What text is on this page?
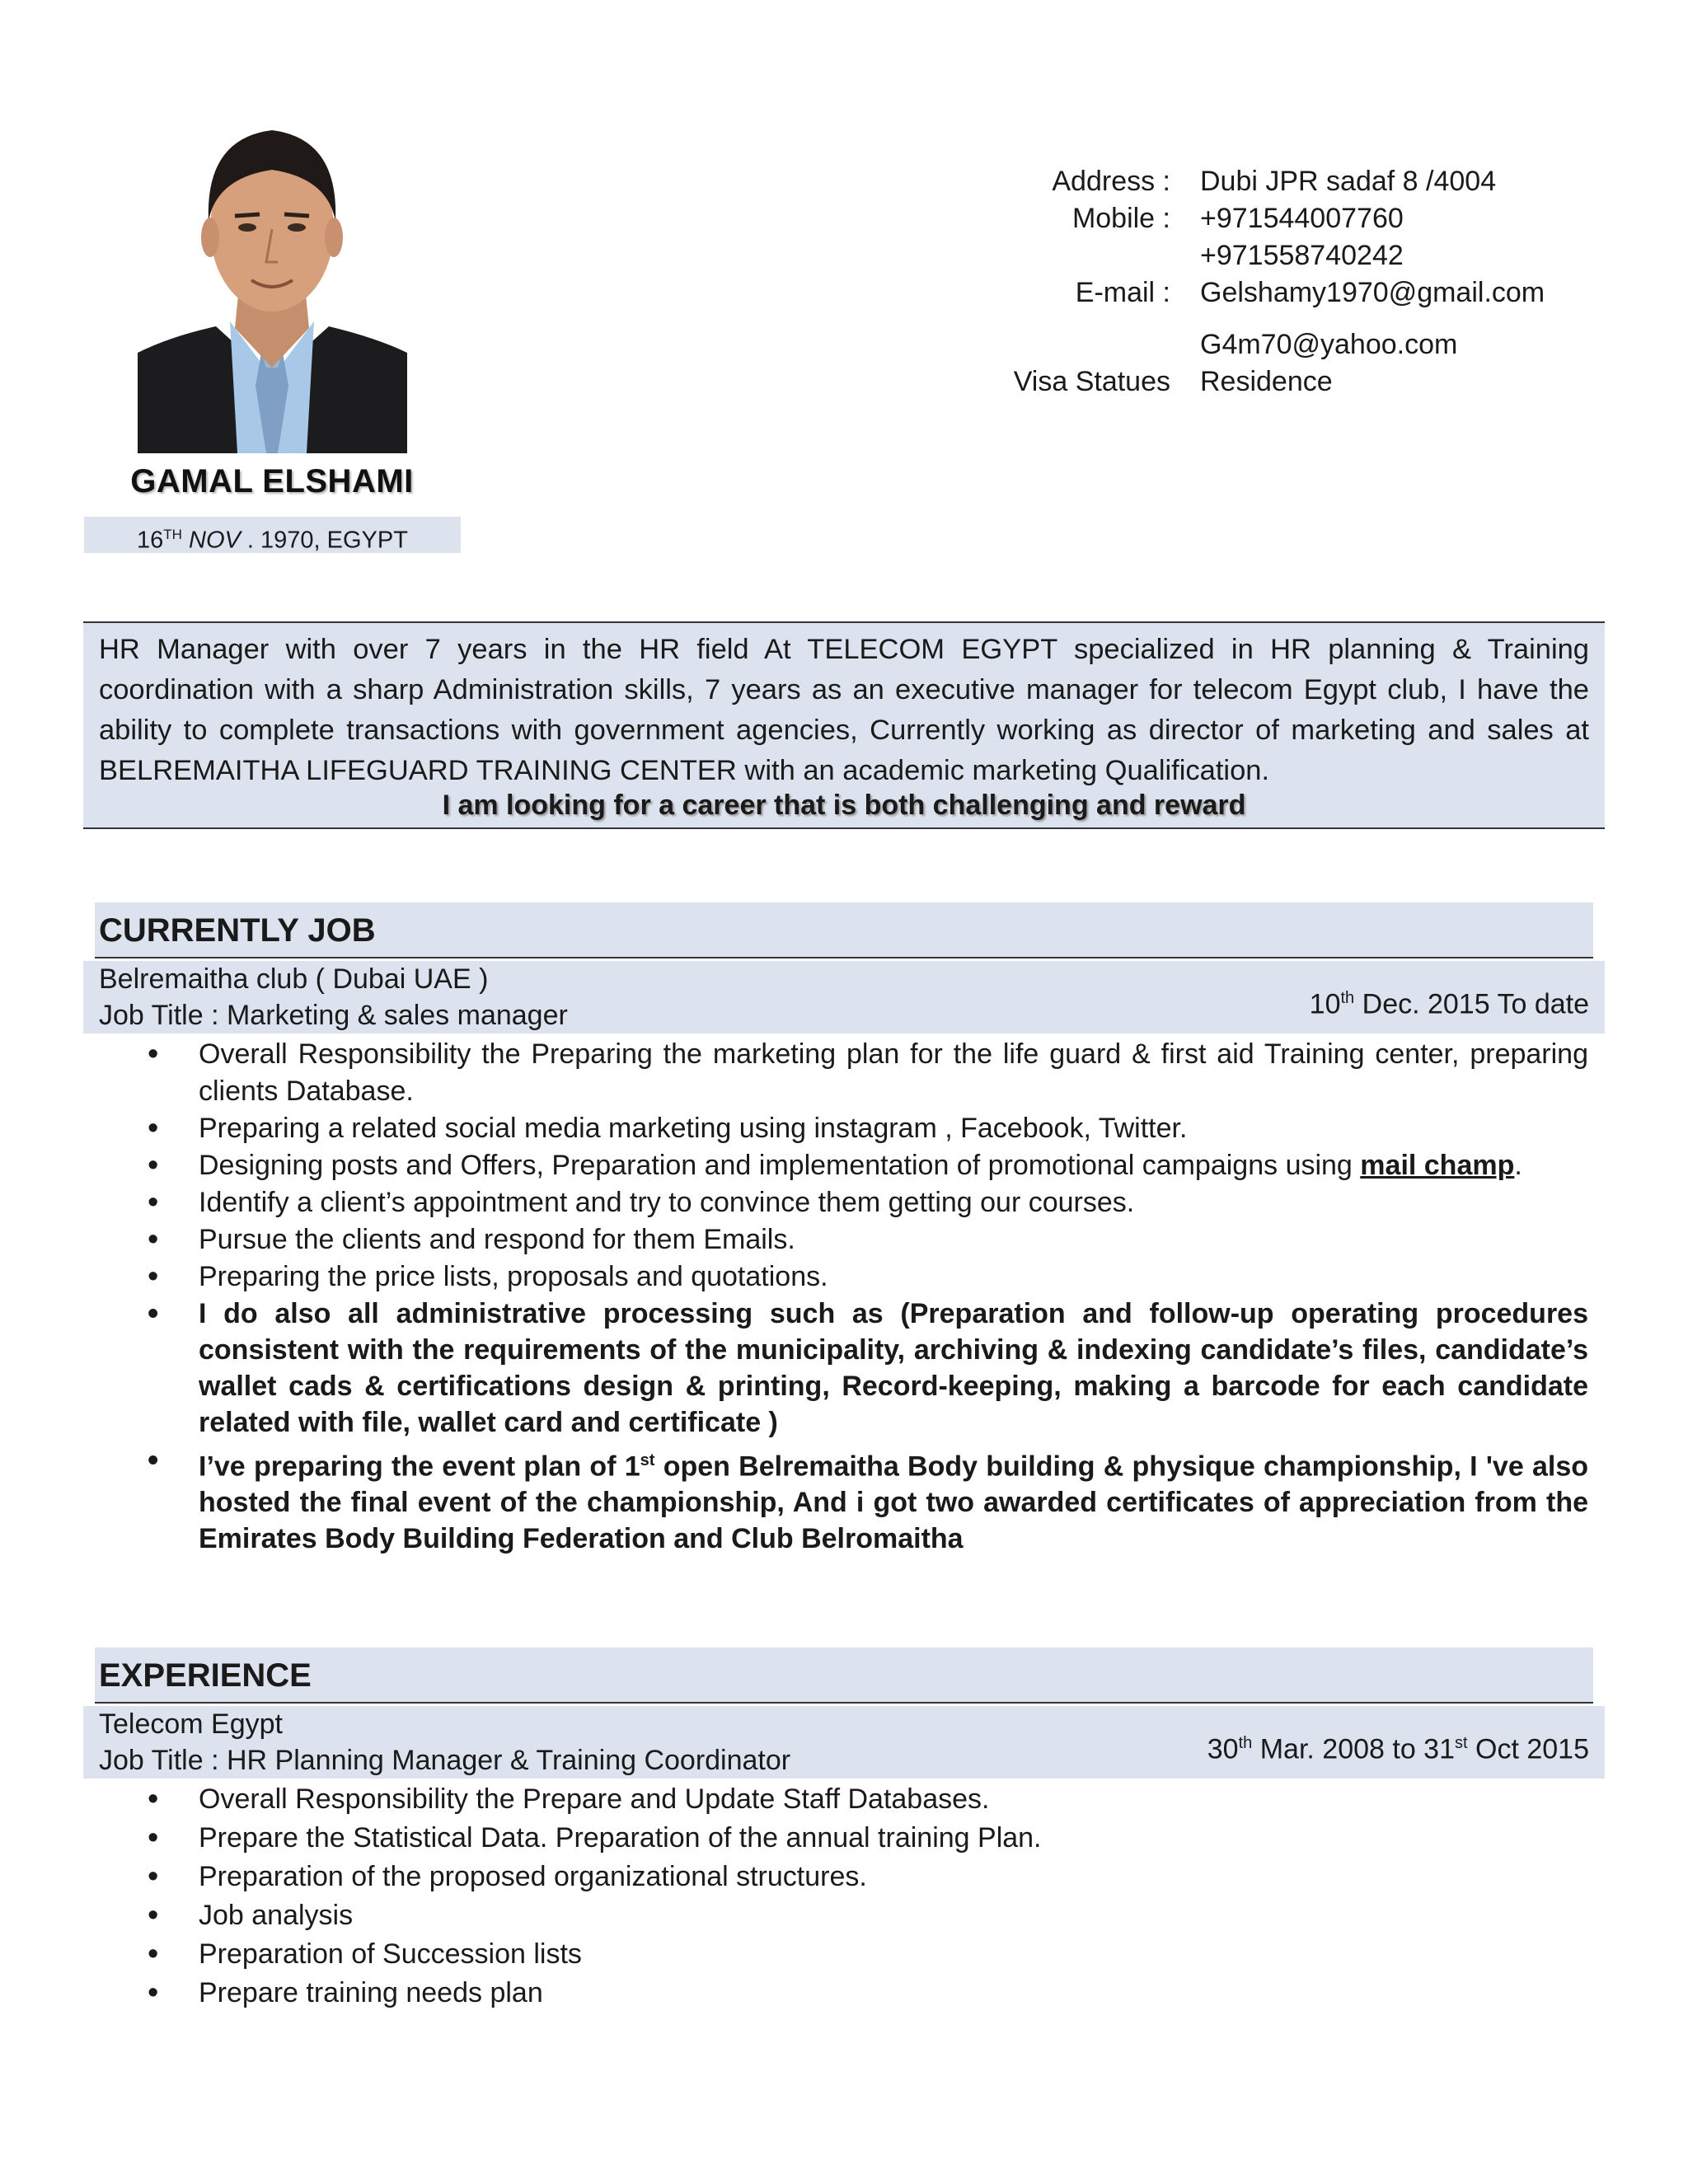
GAMAL ELSHAMI
16TH NOV . 1970, EGYPT
Address :	Dubi JPR sadaf 8 /4004
Mobile :	+971544007760
+971558740242
E-mail :	Gelshamy1970@gmail.com
G4m70@yahoo.com
Visa Statues	Residence

HR Manager with over 7 years in the HR field At TELECOM EGYPT specialized in HR planning & Training coordination with a sharp Administration skills, 7 years as an executive manager for telecom Egypt club, I have the ability to complete transactions with government agencies, Currently working as director of marketing and sales at BELREMAITHA LIFEGUARD TRAINING CENTER with an academic marketing Qualification.

I am looking for a career that is both challenging and reward
CURRENTLY JOB
Belremaitha club ( Dubai UAE )
Job Title : Marketing & sales manager	10th Dec. 2015 To date
• Overall Responsibility the Preparing the marketing plan for the life guard & first aid Training center, preparing clients Database.
• Preparing a related social media marketing using instagram , Facebook, Twitter.
• Designing posts and Offers, Preparation and implementation of promotional campaigns using mail champ.
• Identify a client’s appointment and try to convince them getting our courses.
• Pursue the clients and respond for them Emails.
• Preparing the price lists, proposals and quotations.
• I do also all administrative processing such as (Preparation and follow-up operating procedures consistent with the requirements of the municipality, archiving & indexing candidate’s files, candidate’s wallet cads & certifications design & printing, Record-keeping, making a barcode for each candidate related with file, wallet card and certificate )
• I’ve preparing the event plan of 1st open Belremaitha Body building & physique championship, I 've also hosted the final event of the championship, And i got two awarded certificates of appreciation from the Emirates Body Building Federation and Club Belromaitha
EXPERIENCE
Telecom Egypt
Job Title : HR Planning Manager & Training Coordinator	30th Mar. 2008 to 31st Oct 2015
• Overall Responsibility the Prepare and Update Staff Databases.
• Prepare the Statistical Data. Preparation of the annual training Plan.
• Preparation of the proposed organizational structures.
• Job analysis
• Preparation of Succession lists
• Prepare training needs plan
